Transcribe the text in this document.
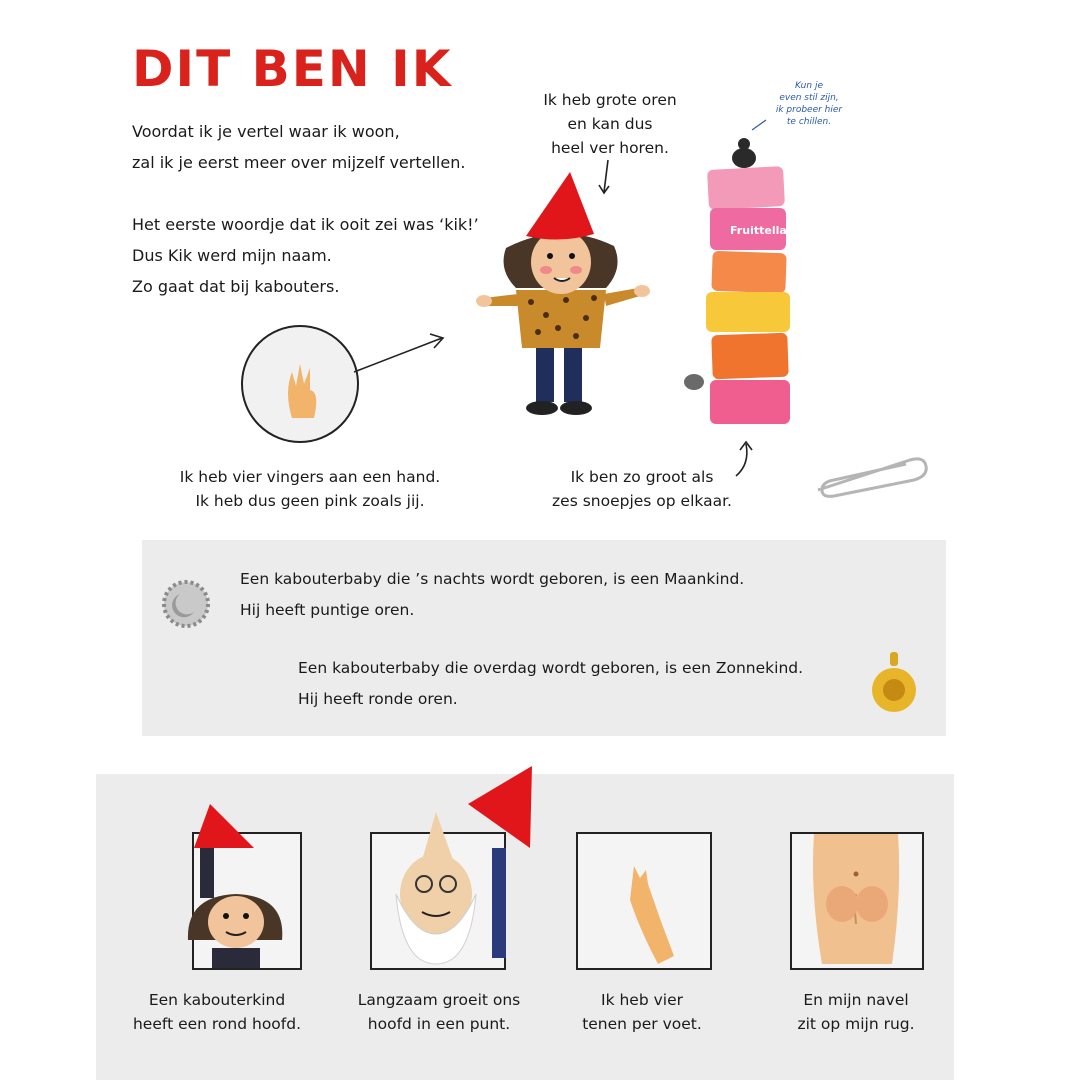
DIT BEN IK

Voordat ik je vertel waar ik woon,

zal ik je eerst meer over mijzelf vertellen.

Het eerste woordje dat ik ooit zei was ‘kik!’

Dus Kik werd mijn naam.

Zo gaat dat bij kabouters.

Ik heb grote oren
en kan dus
heel ver horen.
Kun je
even stil zijn,
ik probeer hier
te chillen.
Fruittella
Ik heb vier vingers aan een hand.
Ik heb dus geen pink zoals jij.
Ik ben zo groot als
zes snoepjes op elkaar.
Een kabouterbaby die ’s nachts wordt geboren, is een Maankind.
Hij heeft puntige oren.
Een kabouterbaby die overdag wordt geboren, is een Zonnekind.
Hij heeft ronde oren.
Een kabouterkind
heeft een rond hoofd.
Langzaam groeit ons
hoofd in een punt.
Ik heb vier
tenen per voet.
En mijn navel
zit op mijn rug.
